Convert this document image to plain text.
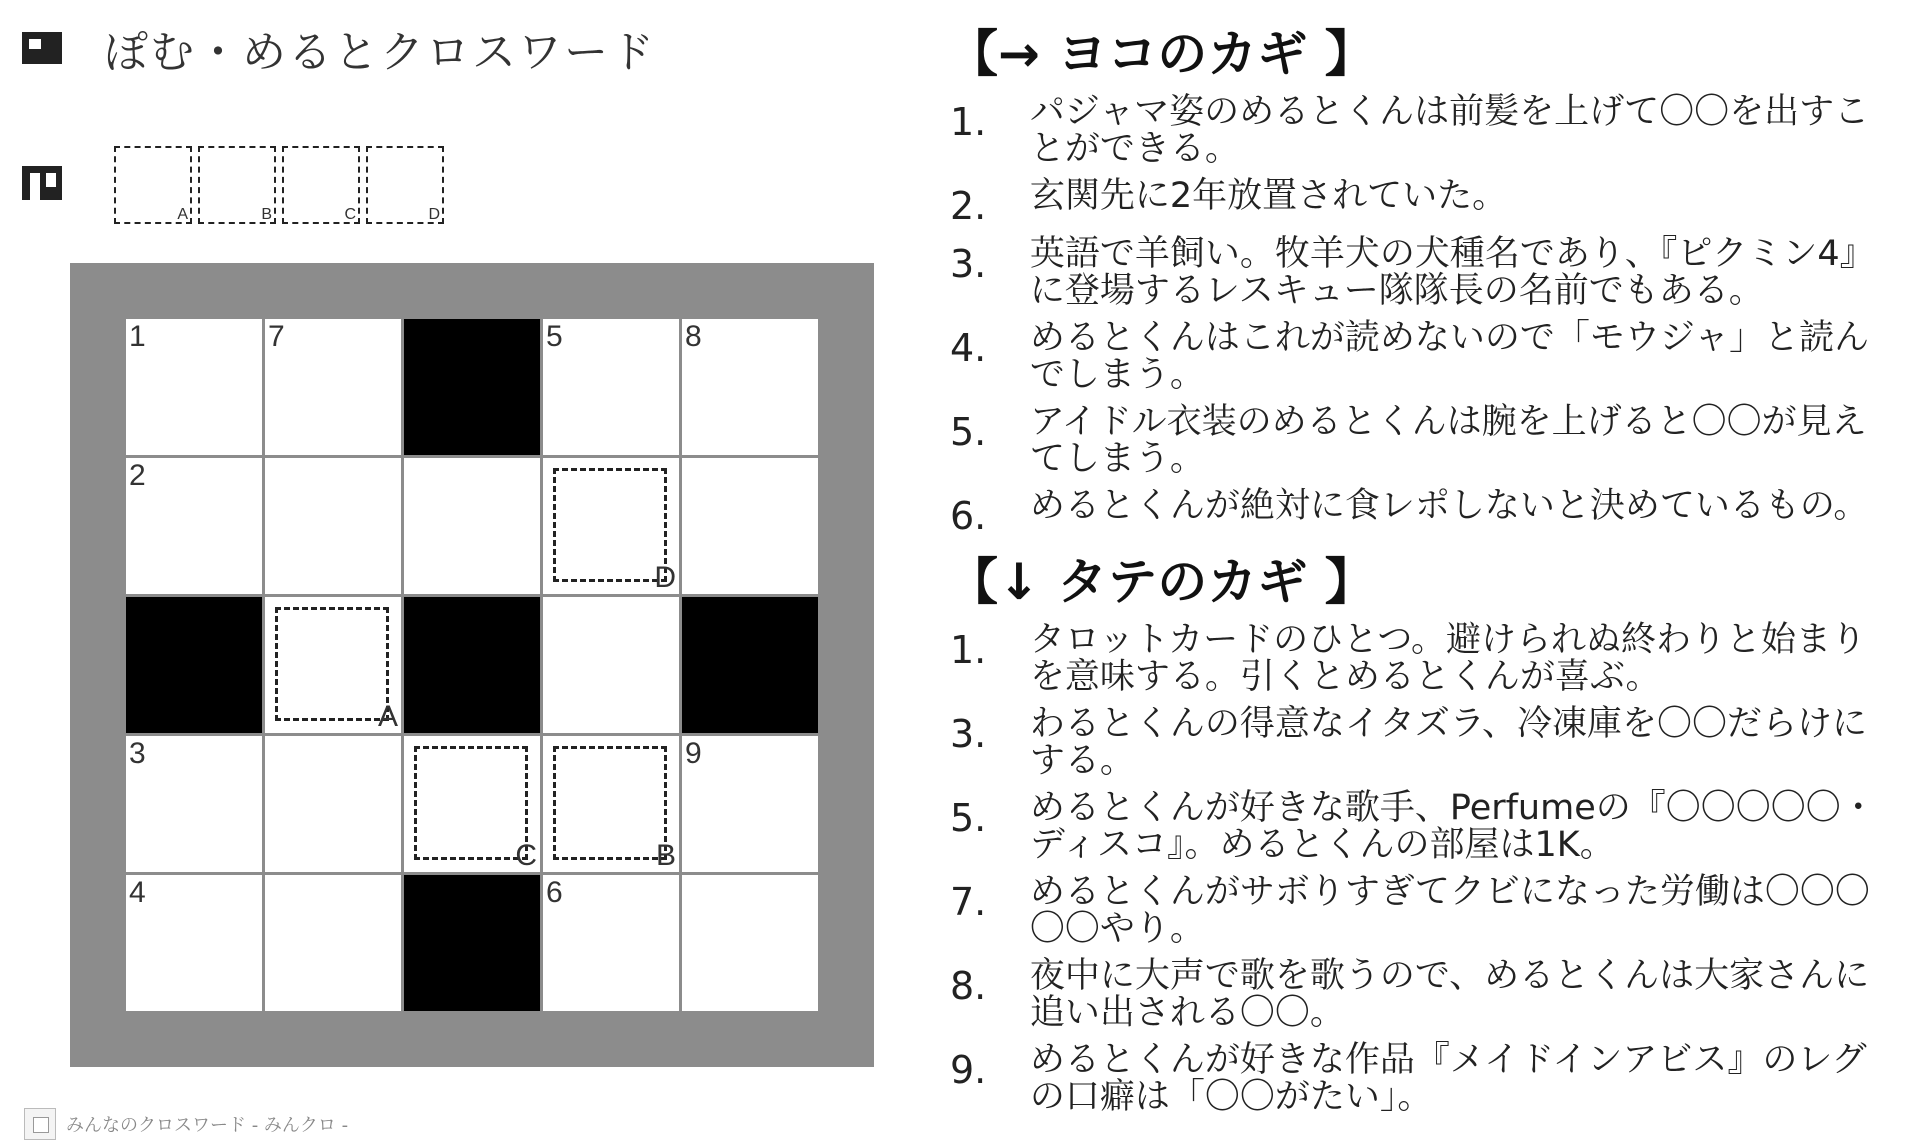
ぽむ・めるとクロスワード
A	B	C	D
1	7	5	8
2
D
A
3
C	B
9
4	6
みんなのクロスワード - みんクロ -
【→ ヨコのカギ 】
1.	パジャマ姿のめるとくんは前髪を上げて〇〇を出すことができる。
2.	玄関先に2年放置されていた。
3.	英語で羊飼い。牧羊犬の犬種名であり、『ピクミン4』に登場するレスキュー隊隊長の名前でもある。
4.	めるとくんはこれが読めないので「モウジャ」と読んでしまう。
5.	アイドル衣装のめるとくんは腕を上げると〇〇が見えてしまう。
6.	めるとくんが絶対に食レポしないと決めているもの。
【↓ タテのカギ 】
1.	タロットカードのひとつ。避けられぬ終わりと始まりを意味する。引くとめるとくんが喜ぶ。
3.	わるとくんの得意なイタズラ、冷凍庫を〇〇だらけにする。
5.	めるとくんが好きな歌手、Perfumeの『〇〇〇〇〇・ディスコ』。めるとくんの部屋は1K。
7.	めるとくんがサボりすぎてクビになった労働は〇〇〇〇〇やり。
8.	夜中に大声で歌を歌うので、めるとくんは大家さんに追い出される〇〇。
9.	めるとくんが好きな作品『メイドインアビス』のレグの口癖は「〇〇がたい」。
